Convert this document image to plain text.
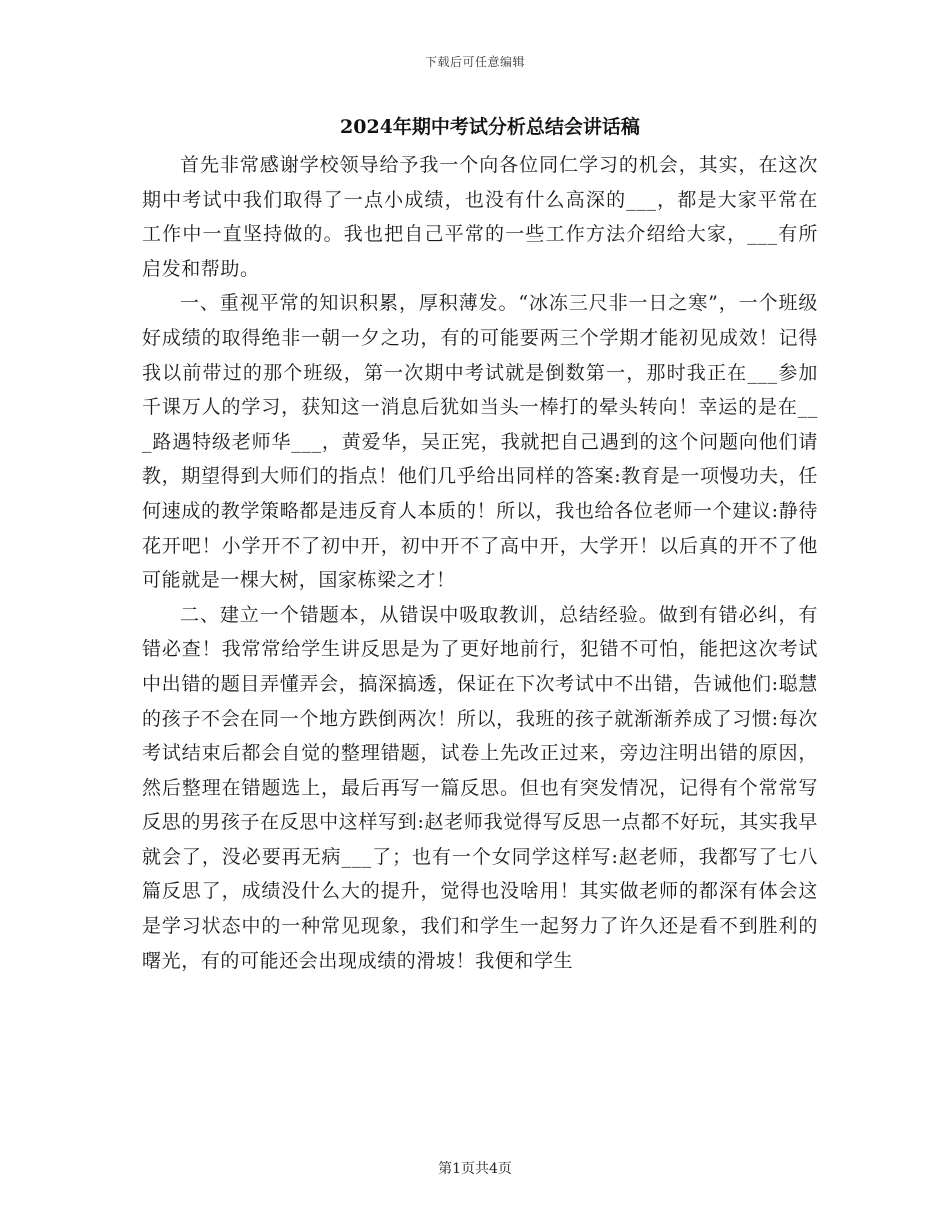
下载后可任意编辑
2024年期中考试分析总结会讲话稿

首先非常感谢学校领导给予我一个向各位同仁学习的机会，其实，在这次期中考试中我们取得了一点小成绩，也没有什么高深的___，都是大家平常在工作中一直坚持做的。我也把自己平常的一些工作方法介绍给大家，___有所启发和帮助。

一、重视平常的知识积累，厚积薄发。“冰冻三尺非一日之寒”，一个班级好成绩的取得绝非一朝一夕之功，有的可能要两三个学期才能初见成效！记得我以前带过的那个班级，第一次期中考试就是倒数第一，那时我正在___参加千课万人的学习，获知这一消息后犹如当头一棒打的晕头转向！幸运的是在___路遇特级老师华___，黄爱华，吴正宪，我就把自己遇到的这个问题向他们请教，期望得到大师们的指点！他们几乎给出同样的答案:教育是一项慢功夫，任何速成的教学策略都是违反育人本质的！所以，我也给各位老师一个建议:静待花开吧！小学开不了初中开，初中开不了高中开，大学开！以后真的开不了他可能就是一棵大树，国家栋梁之才！

二、建立一个错题本，从错误中吸取教训，总结经验。做到有错必纠，有错必查！我常常给学生讲反思是为了更好地前行，犯错不可怕，能把这次考试中出错的题目弄懂弄会，搞深搞透，保证在下次考试中不出错，告诫他们:聪慧的孩子不会在同一个地方跌倒两次！所以，我班的孩子就渐渐养成了习惯:每次考试结束后都会自觉的整理错题，试卷上先改正过来，旁边注明出错的原因，然后整理在错题选上，最后再写一篇反思。但也有突发情况，记得有个常常写反思的男孩子在反思中这样写到:赵老师我觉得写反思一点都不好玩，其实我早就会了，没必要再无病___了；也有一个女同学这样写:赵老师，我都写了七八篇反思了，成绩没什么大的提升，觉得也没啥用！其实做老师的都深有体会这是学习状态中的一种常见现象，我们和学生一起努力了许久还是看不到胜利的曙光，有的可能还会出现成绩的滑坡！我便和学生

第1页共4页
